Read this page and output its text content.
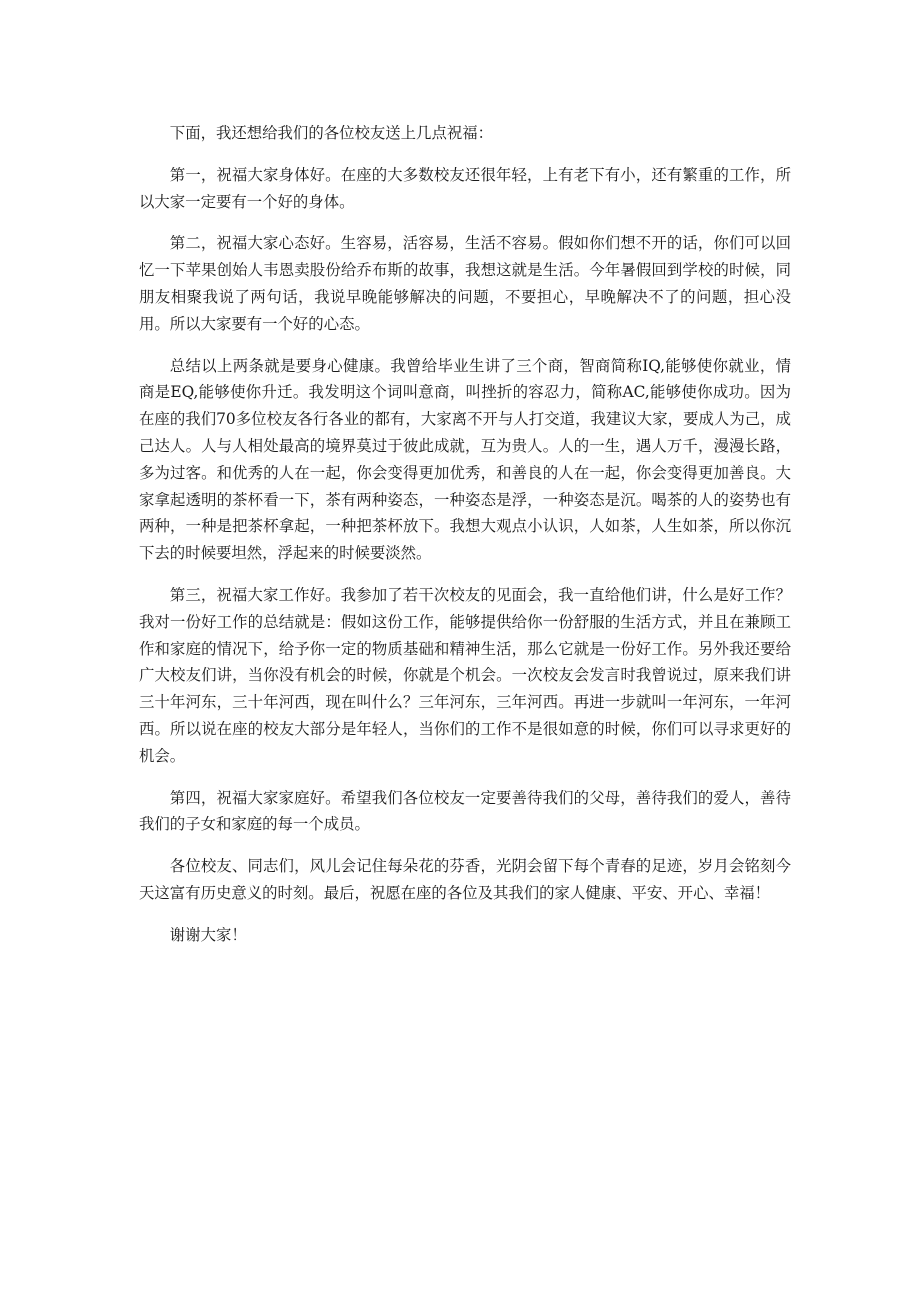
下面，我还想给我们的各位校友送上几点祝福：

第一，祝福大家身体好。在座的大多数校友还很年轻，上有老下有小，还有繁重的工作，所以大家一定要有一个好的身体。

第二，祝福大家心态好。生容易，活容易，生活不容易。假如你们想不开的话，你们可以回忆一下苹果创始人韦恩卖股份给乔布斯的故事，我想这就是生活。今年暑假回到学校的时候，同朋友相聚我说了两句话，我说早晚能够解决的问题，不要担心，早晚解决不了的问题，担心没用。所以大家要有一个好的心态。

总结以上两条就是要身心健康。我曾给毕业生讲了三个商，智商简称IQ,能够使你就业，情商是EQ,能够使你升迁。我发明这个词叫意商，叫挫折的容忍力，简称AC,能够使你成功。因为在座的我们70多位校友各行各业的都有，大家离不开与人打交道，我建议大家，要成人为己，成己达人。人与人相处最高的境界莫过于彼此成就，互为贵人。人的一生，遇人万千，漫漫长路，多为过客。和优秀的人在一起，你会变得更加优秀，和善良的人在一起，你会变得更加善良。大家拿起透明的茶杯看一下，茶有两种姿态，一种姿态是浮，一种姿态是沉。喝茶的人的姿势也有两种，一种是把茶杯拿起，一种把茶杯放下。我想大观点小认识，人如茶，人生如茶，所以你沉下去的时候要坦然，浮起来的时候要淡然。

第三，祝福大家工作好。我参加了若干次校友的见面会，我一直给他们讲，什么是好工作？我对一份好工作的总结就是：假如这份工作，能够提供给你一份舒服的生活方式，并且在兼顾工作和家庭的情况下，给予你一定的物质基础和精神生活，那么它就是一份好工作。另外我还要给广大校友们讲，当你没有机会的时候，你就是个机会。一次校友会发言时我曾说过，原来我们讲三十年河东，三十年河西，现在叫什么？三年河东，三年河西。再进一步就叫一年河东，一年河西。所以说在座的校友大部分是年轻人，当你们的工作不是很如意的时候，你们可以寻求更好的机会。

第四，祝福大家家庭好。希望我们各位校友一定要善待我们的父母，善待我们的爱人，善待我们的子女和家庭的每一个成员。

各位校友、同志们，风儿会记住每朵花的芬香，光阴会留下每个青春的足迹，岁月会铭刻今天这富有历史意义的时刻。最后，祝愿在座的各位及其我们的家人健康、平安、开心、幸福！

谢谢大家！
